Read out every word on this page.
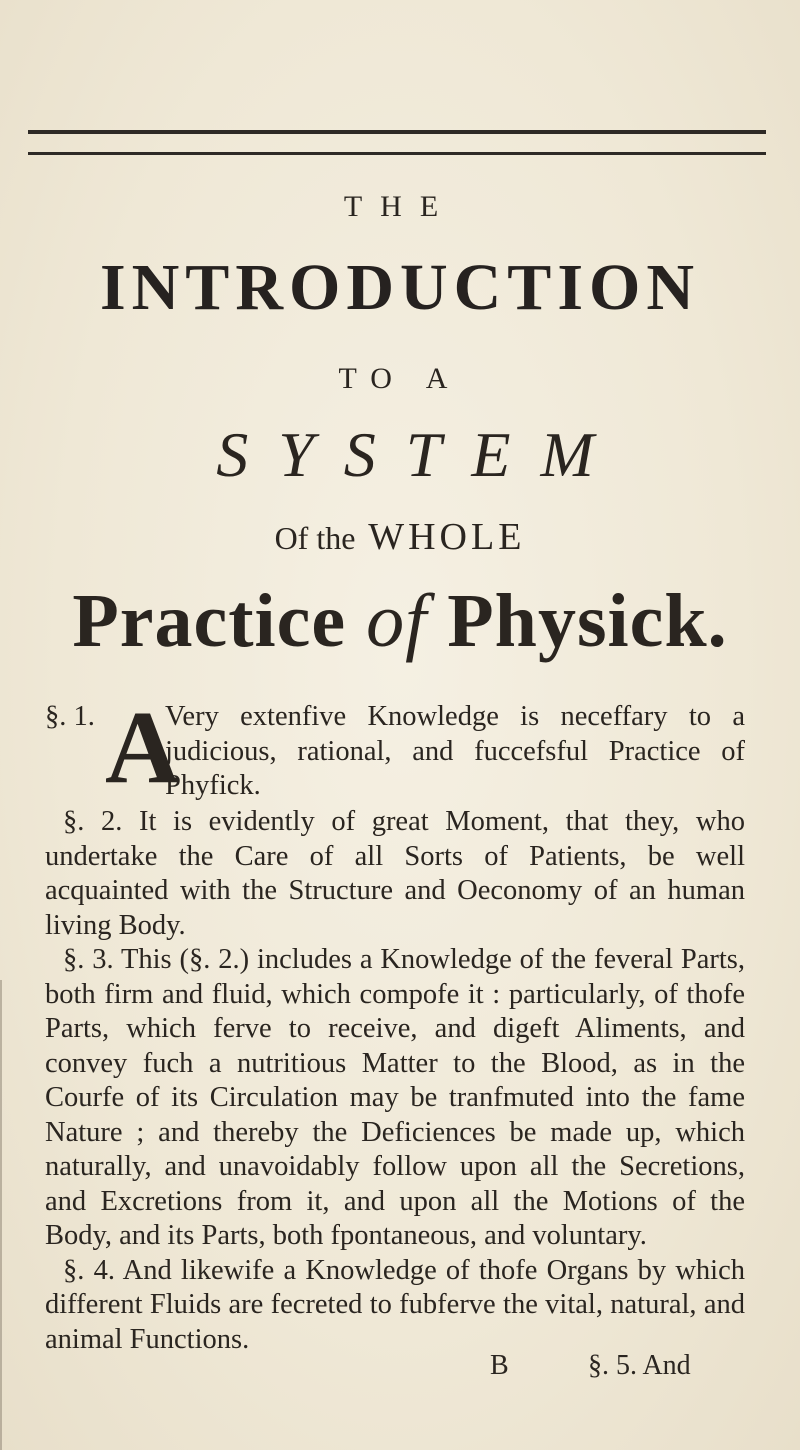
THE
INTRODUCTION
TO A
SYSTEM
Of the WHOLE
Practice of Physick.

§. 1. A
Very extenfive Knowledge is neceffary to a judicious, rational, and fuccefsful Practice of Phyfick.

§. 2. It is evidently of great Moment, that they, who undertake the Care of all Sorts of Patients, be well acquainted with the Structure and Oeconomy of an human living Body.

§. 3. This (§. 2.) includes a Knowledge of the feveral Parts, both firm and fluid, which compofe it : particularly, of thofe Parts, which ferve to receive, and digeft Aliments, and convey fuch a nutritious Matter to the Blood, as in the Courfe of its Circulation may be tranfmuted into the fame Nature ; and thereby the Deficiences be made up, which naturally, and unavoidably follow upon all the Secretions, and Excretions from it, and upon all the Motions of the Body, and its Parts, both fpontaneous, and voluntary.

§. 4. And likewife a Knowledge of thofe Organs by which different Fluids are fecreted to fubferve the vital, natural, and animal Functions.

B	§. 5. And
